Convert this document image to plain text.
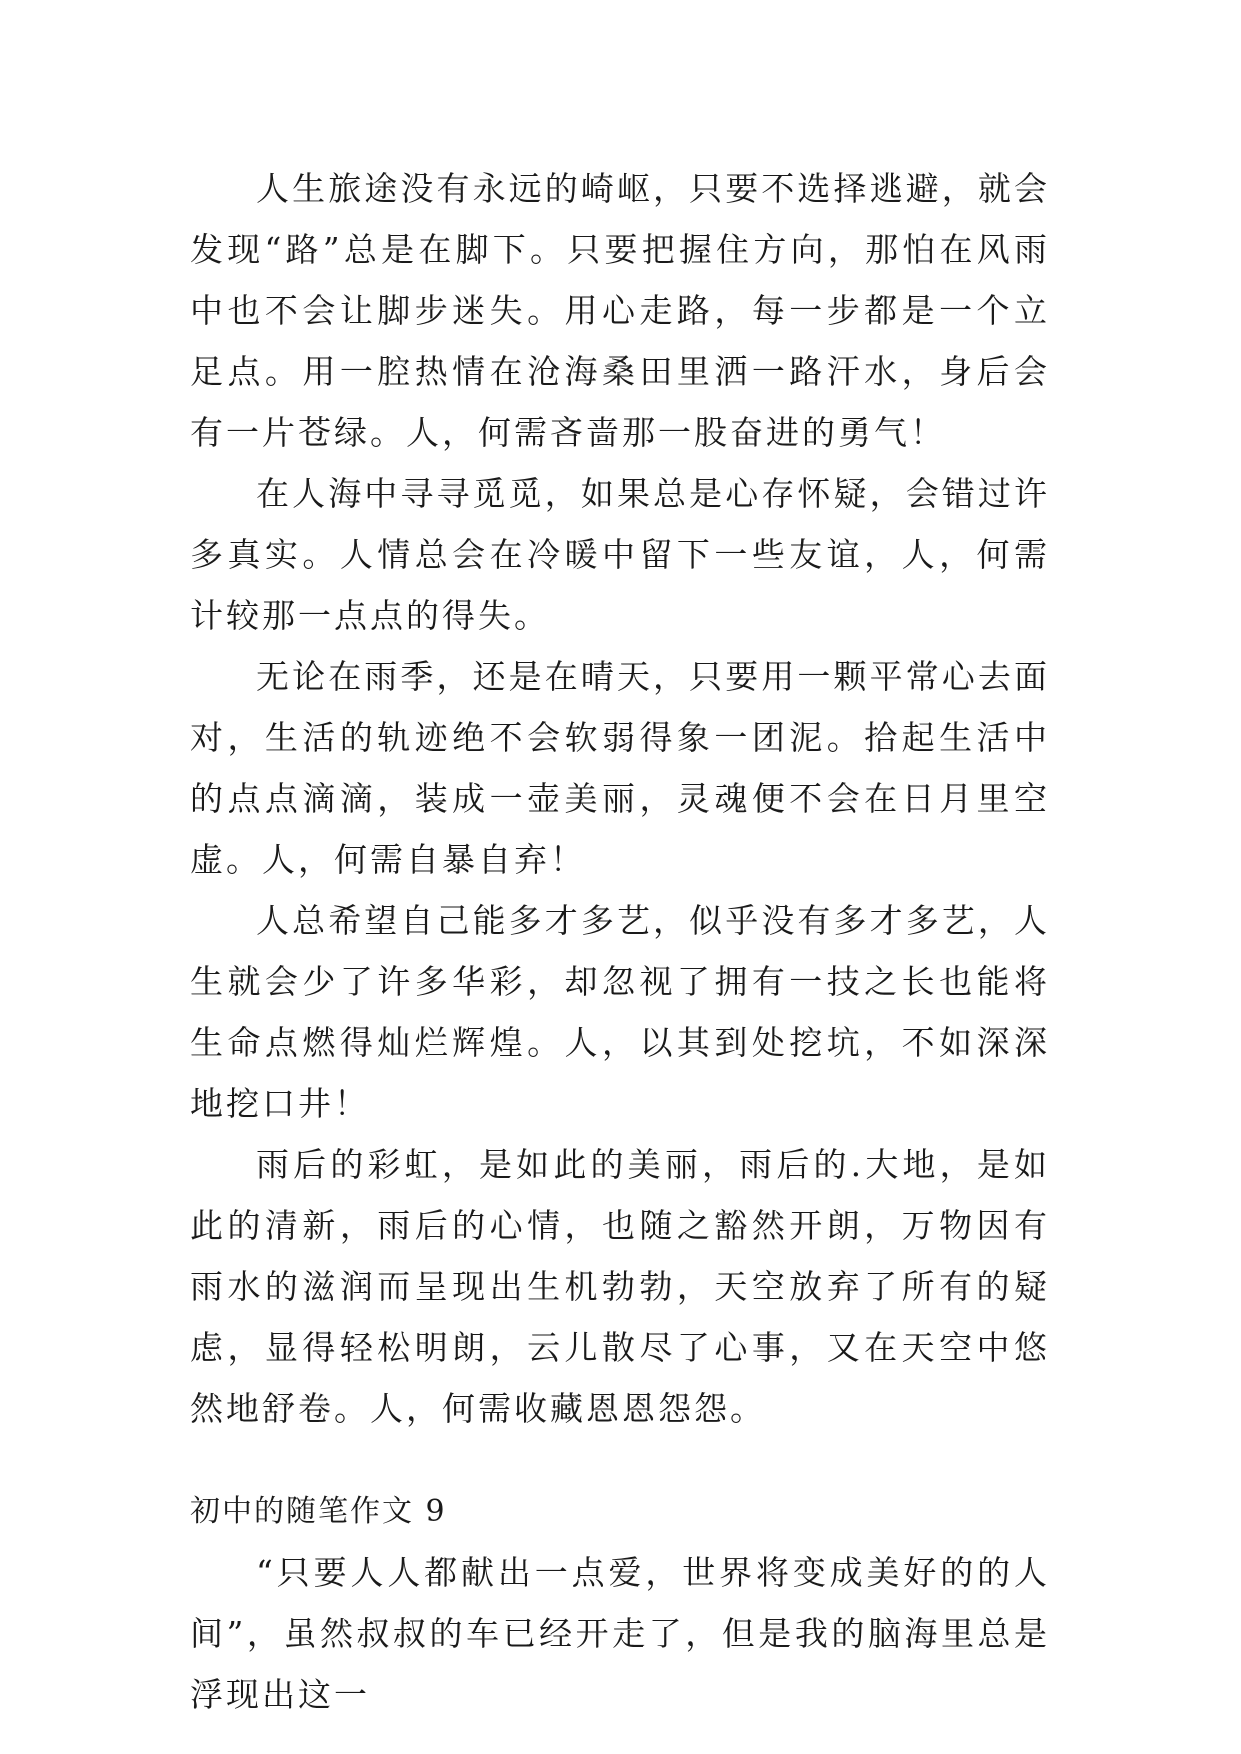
人生旅途没有永远的崎岖，只要不选择逃避，就会发现“路”总是在脚下。只要把握住方向，那怕在风雨中也不会让脚步迷失。用心走路，每一步都是一个立足点。用一腔热情在沧海桑田里洒一路汗水，身后会有一片苍绿。人，何需吝啬那一股奋进的勇气！

在人海中寻寻觅觅，如果总是心存怀疑，会错过许多真实。人情总会在冷暖中留下一些友谊，人，何需计较那一点点的得失。

无论在雨季，还是在晴天，只要用一颗平常心去面对，生活的轨迹绝不会软弱得象一团泥。拾起生活中的点点滴滴，装成一壶美丽，灵魂便不会在日月里空虚。人，何需自暴自弃！

人总希望自己能多才多艺，似乎没有多才多艺，人生就会少了许多华彩，却忽视了拥有一技之长也能将生命点燃得灿烂辉煌。人，以其到处挖坑，不如深深地挖口井！

雨后的彩虹，是如此的美丽，雨后的.大地，是如此的清新，雨后的心情，也随之豁然开朗，万物因有雨水的滋润而呈现出生机勃勃，天空放弃了所有的疑虑，显得轻松明朗，云儿散尽了心事，又在天空中悠然地舒卷。人，何需收藏恩恩怨怨。

初中的随笔作文 9

“只要人人都献出一点爱，世界将变成美好的的人间”，虽然叔叔的车已经开走了，但是我的脑海里总是浮现出这一
